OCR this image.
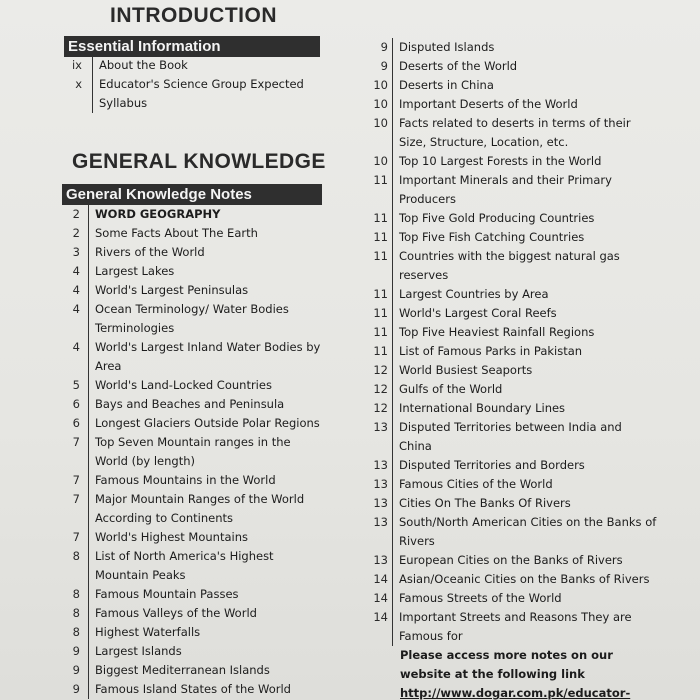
INTRODUCTION
Essential Information
ix	About the Book
x	Educator's Science Group Expected Syllabus
GENERAL KNOWLEDGE
General Knowledge Notes
2	WORD GEOGRAPHY
2	Some Facts About The Earth
3	Rivers of the World
4	Largest Lakes
4	World's Largest Peninsulas
4	Ocean Terminology/ Water Bodies Terminologies
4	World's Largest Inland Water Bodies by Area
5	World's Land-Locked Countries
6	Bays and Beaches and Peninsula
6	Longest Glaciers Outside Polar Regions
7	Top Seven Mountain ranges in the World (by length)
7	Famous Mountains in the World
7	Major Mountain Ranges of the World According to Continents
7	World's Highest Mountains
8	List of North America's Highest Mountain Peaks
8	Famous Mountain Passes
8	Famous Valleys of the World
8	Highest Waterfalls
9	Largest Islands
9	Biggest Mediterranean Islands
9	Famous Island States of the World
9 Disputed Islands
9 Deserts of the World
10 Deserts in China
10 Important Deserts of the World
10 Facts related to deserts in terms of their Size, Structure, Location, etc.
10 Top 10 Largest Forests in the World
11 Important Minerals and their Primary Producers
11 Top Five Gold Producing Countries
11 Top Five Fish Catching Countries
11 Countries with the biggest natural gas reserves
11 Largest Countries by Area
11 World's Largest Coral Reefs
11 Top Five Heaviest Rainfall Regions
11 List of Famous Parks in Pakistan
12 World Busiest Seaports
12 Gulfs of the World
12 International Boundary Lines
13 Disputed Territories between India and China
13 Disputed Territories and Borders
13 Famous Cities of the World
13 Cities On The Banks Of Rivers
13 South/North American Cities on the Banks of Rivers
13 European Cities on the Banks of Rivers
14 Asian/Oceanic Cities on the Banks of Rivers
14 Famous Streets of the World
14 Important Streets and Reasons They are Famous for
Please access more notes on our website at the following link
http://www.dogar.com.pk/educator-
